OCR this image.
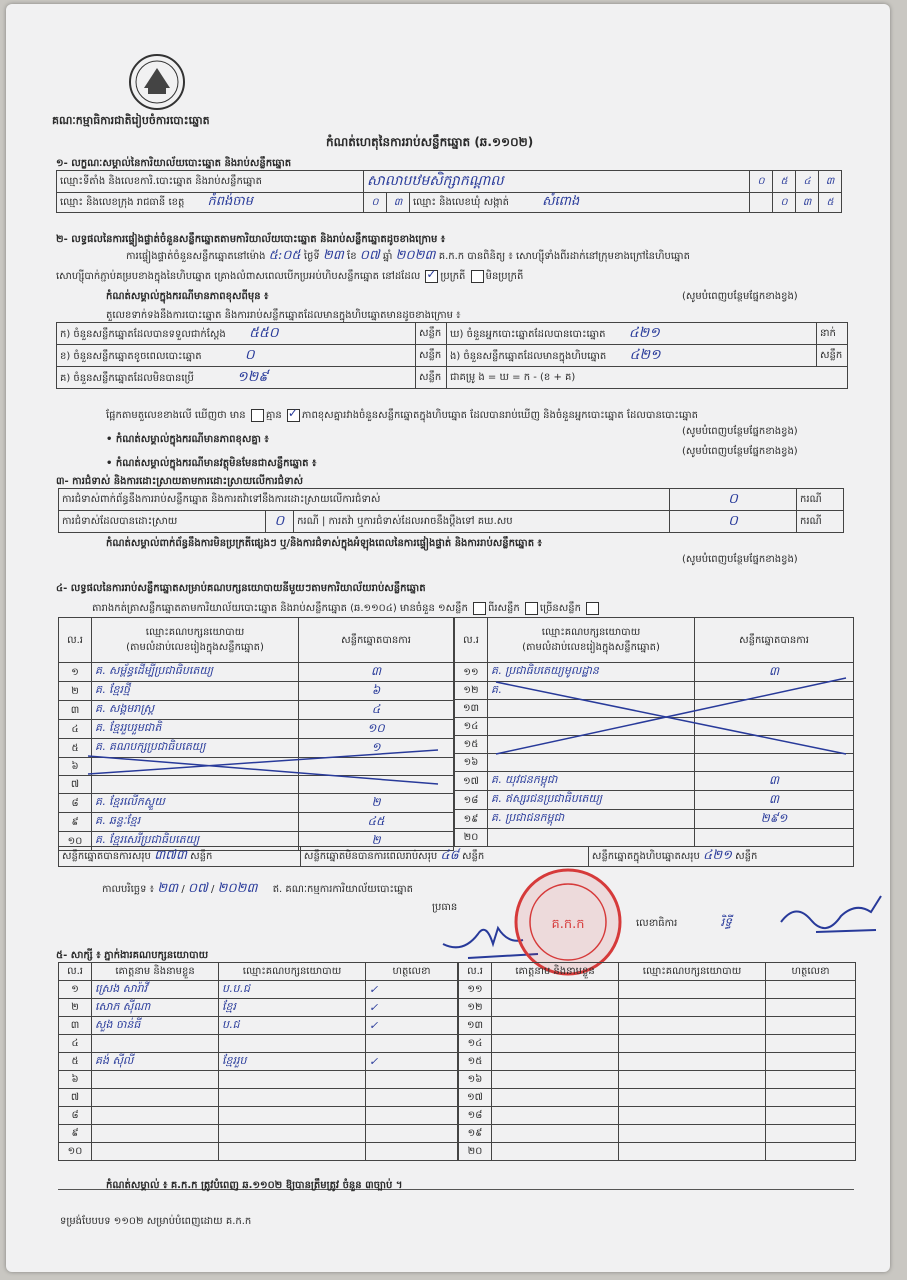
គណៈកម្មាធិការជាតិរៀបចំការបោះឆ្នោត
កំណត់ហេតុនៃការរាប់សន្លឹកឆ្នោត (ឆ.១១០២)
១- លក្ខណៈសម្គាល់នៃការិយាល័យបោះឆ្នោត និងរាប់សន្លឹកឆ្នោត
ឈ្មោះទីតាំង និងលេខការិ.បោះឆ្នោត និងរាប់សន្លឹកឆ្នោត	សាលាបឋមសិក្សាកណ្ដាល			០	៥	៤	៣
ឈ្មោះ និងលេខក្រុង រាជធានី ខេត្ត កំពង់ចាម	០	៣	ឈ្មោះ និងលេខឃុំ សង្កាត់ សំពោង		០	៣	៥
២- លទ្ធផលនៃការផ្ទៀងផ្ទាត់ចំនួនសន្លឹកឆ្នោតតាមការិយាល័យបោះឆ្នោត និងរាប់សន្លឹកឆ្នោតដូចខាងក្រោម ៖
ការផ្ទៀងផ្ទាត់ចំនួនសន្លឹកឆ្នោតនៅម៉ោង ៥:០៥ ថ្ងៃទី ២៣ ខែ ០៧ ឆ្នាំ ២០២៣ គ.ក.ក បានពិនិត្យ ៖ សោហ្ស៊ីទាំងពីរដាក់នៅក្រុមខាងក្រៅនៃហិបឆ្នោត
សោហ្ស៊ីបាក់ភ្ជាប់គម្របខាងក្នុងនៃហិបឆ្នោត គ្រោងលំពាសពេលបើកប្រអប់ហិបសន្លឹកឆ្នោត នៅដដែល ✓ ប្រក្រតី មិនប្រក្រតី
កំណត់សម្គាល់ក្នុងករណីមានភាពខុសពីមុន ៖	(សូមបំពេញបន្ថែមផ្នែកខាងខ្វង)
តួលេខទាក់ទងនឹងការបោះឆ្នោត និងការរាប់សន្លឹកឆ្នោតដែលមានក្នុងហិបឆ្នោតមានដូចខាងក្រោម ៖
ក) ចំនួនសន្លឹកឆ្នោតដែលបានទទួលជាក់ស្ដែង ៥៥០	សន្លឹក	ឃ) ចំនួនអ្នកបោះឆ្នោតដែលបានបោះឆ្នោត ៤២១	នាក់
ខ) ចំនួនសន្លឹកឆ្នោតខូចពេលបោះឆ្នោត ០	សន្លឹក	ង) ចំនួនសន្លឹកឆ្នោតដែលមានក្នុងហិបឆ្នោត ៤២១	សន្លឹក
គ) ចំនួនសន្លឹកឆ្នោតដែលមិនបានប្រើ ១២៩	សន្លឹក	ជាគម្រូ ង = ឃ = ក - (ខ + គ)	
ផ្អែកតាមតួលេខខាងលើ ឃើញថា មាន គ្មាន ✓ ភាពខុសគ្នារវាងចំនួនសន្លឹកឆ្នោតក្នុងហិបឆ្នោត ដែលបានរាប់ឃើញ និងចំនួនអ្នកបោះឆ្នោត ដែលបានបោះឆ្នោត
• កំណត់សម្គាល់ក្នុងករណីមានភាពខុសគ្នា ៖
(សូមបំពេញបន្ថែមផ្នែកខាងខ្វង)
• កំណត់សម្គាល់ក្នុងករណីមានវត្ថុមិនមែនជាសន្លឹកឆ្នោត ៖
(សូមបំពេញបន្ថែមផ្នែកខាងខ្វង)
៣- ការជំទាស់ និងការដោះស្រាយតាមការដោះស្រាយលើការជំទាស់
ការជំទាស់ពាក់ព័ន្ធនឹងការរាប់សន្លឹកឆ្នោត និងការតវ៉ាទៅនឹងការដោះស្រាយលើការជំទាស់			០	ករណី
ការជំទាស់ដែលបានដោះស្រាយ	០	ករណី | ការតវ៉ា ឬការជំទាស់ដែលអាចនឹងប្ដឹងទៅ គឃ.សប	០	ករណី
កំណត់សម្គាល់ពាក់ព័ន្ធនឹងការមិនប្រក្រតីផ្សេងៗ ឬ/និងការជំទាស់ក្នុងអំឡុងពេលនៃការផ្ទៀងផ្ទាត់ និងការរាប់សន្លឹកឆ្នោត ៖
(សូមបំពេញបន្ថែមផ្នែកខាងខ្វង)
៤- លទ្ធផលនៃការរាប់សន្លឹកឆ្នោតសម្រាប់គណបក្សនយោបាយនីមួយៗតាមការិយាល័យរាប់សន្លឹកឆ្នោត
តារាងកត់ត្រាសន្លឹកឆ្នោតតាមការិយាល័យបោះឆ្នោត និងរាប់សន្លឹកឆ្នោត (ឆ.១១០៤) មានចំនួន ១សន្លឹក ពីរសន្លឹក ច្រើនសន្លឹក
ល.រ	ឈ្មោះគណបក្សនយោបាយ
(តាមលំដាប់លេខរៀងក្នុងសន្លឹកឆ្នោត)	សន្លឹកឆ្នោតបានការ
១	គ. សម្ព័ន្ធដើម្បីប្រជាធិបតេយ្យ	៣
២	គ. ខ្មែរថ្មី	៦
៣	គ. សង្គមរាស្ត្រ	៤
៤	គ. ខ្មែររួបរួមជាតិ	១០
៥	គ. គណបក្សប្រជាធិបតេយ្យ	១
៦		
៧		
៨	គ. ខ្មែរលើកស្ទួយ	២
៩	គ. ឆន្ទៈខ្មែរ	៤៥
១០	គ. ខ្មែរសេរីប្រជាធិបតេយ្យ	២
ល.រ	ឈ្មោះគណបក្សនយោបាយ
(តាមលំដាប់លេខរៀងក្នុងសន្លឹកឆ្នោត)	សន្លឹកឆ្នោតបានការ
១១	គ. ប្រជាធិបតេយ្យមូលដ្ឋាន	៣
១២	គ.	
១៣		
១៤		
១៥		
១៦		
១៧	គ. យុវជនកម្ពុជា	៣
១៨	គ. ឥស្សរជនប្រជាធិបតេយ្យ	៣
១៩	គ. ប្រជាជនកម្ពុជា	២៩១
២០		
សន្លឹកឆ្នោតបានការសរុប ៣៧៣ សន្លឹក	សន្លឹកឆ្នោតមិនបានការពេលរាប់សរុប ៤៨ សន្លឹក	សន្លឹកឆ្នោតក្នុងហិបឆ្នោតសរុប ៤២១ សន្លឹក
កាលបរិច្ឆេទ ៖ ២៣ / ០៧ / ២០២៣ ឥ. គណៈកម្មការការិយាល័យបោះឆ្នោត
ប្រធាន
លេខាធិការ	រិទ្ធី
គ.ក.ក
៥- សាក្សី ៖ ភ្នាក់ងារគណបក្សនយោបាយ
ល.រ	គោត្តនាម និងនាមខ្លួន	ឈ្មោះគណបក្សនយោបាយ	ហត្ថលេខា
១	ស្រេង សារ៉ាវី	ប.ប.ជ	✓
២	សោភ ស៊ីណា	ខ្មែរ	✓
៣	សួង ចាន់ធី	ប.ជ	✓
៤			
៥	គង់ ស៊ីលី	ខ្មែររួប	✓
៦			
៧			
៨			
៩			
១០			
ល.រ	គោត្តនាម និងនាមខ្លួន	ឈ្មោះគណបក្សនយោបាយ	ហត្ថលេខា
១១			
១២			
១៣			
១៤			
១៥			
១៦			
១៧			
១៨			
១៩			
២០			
កំណត់សម្គាល់ ៖ គ.ក.ក ត្រូវបំពេញ ឆ.១១០២ ឱ្យបានត្រឹមត្រូវ ចំនួន ៣ច្បាប់ ។
ទម្រង់បែបបទ ១១០២ សម្រាប់បំពេញដោយ គ.ក.ក
